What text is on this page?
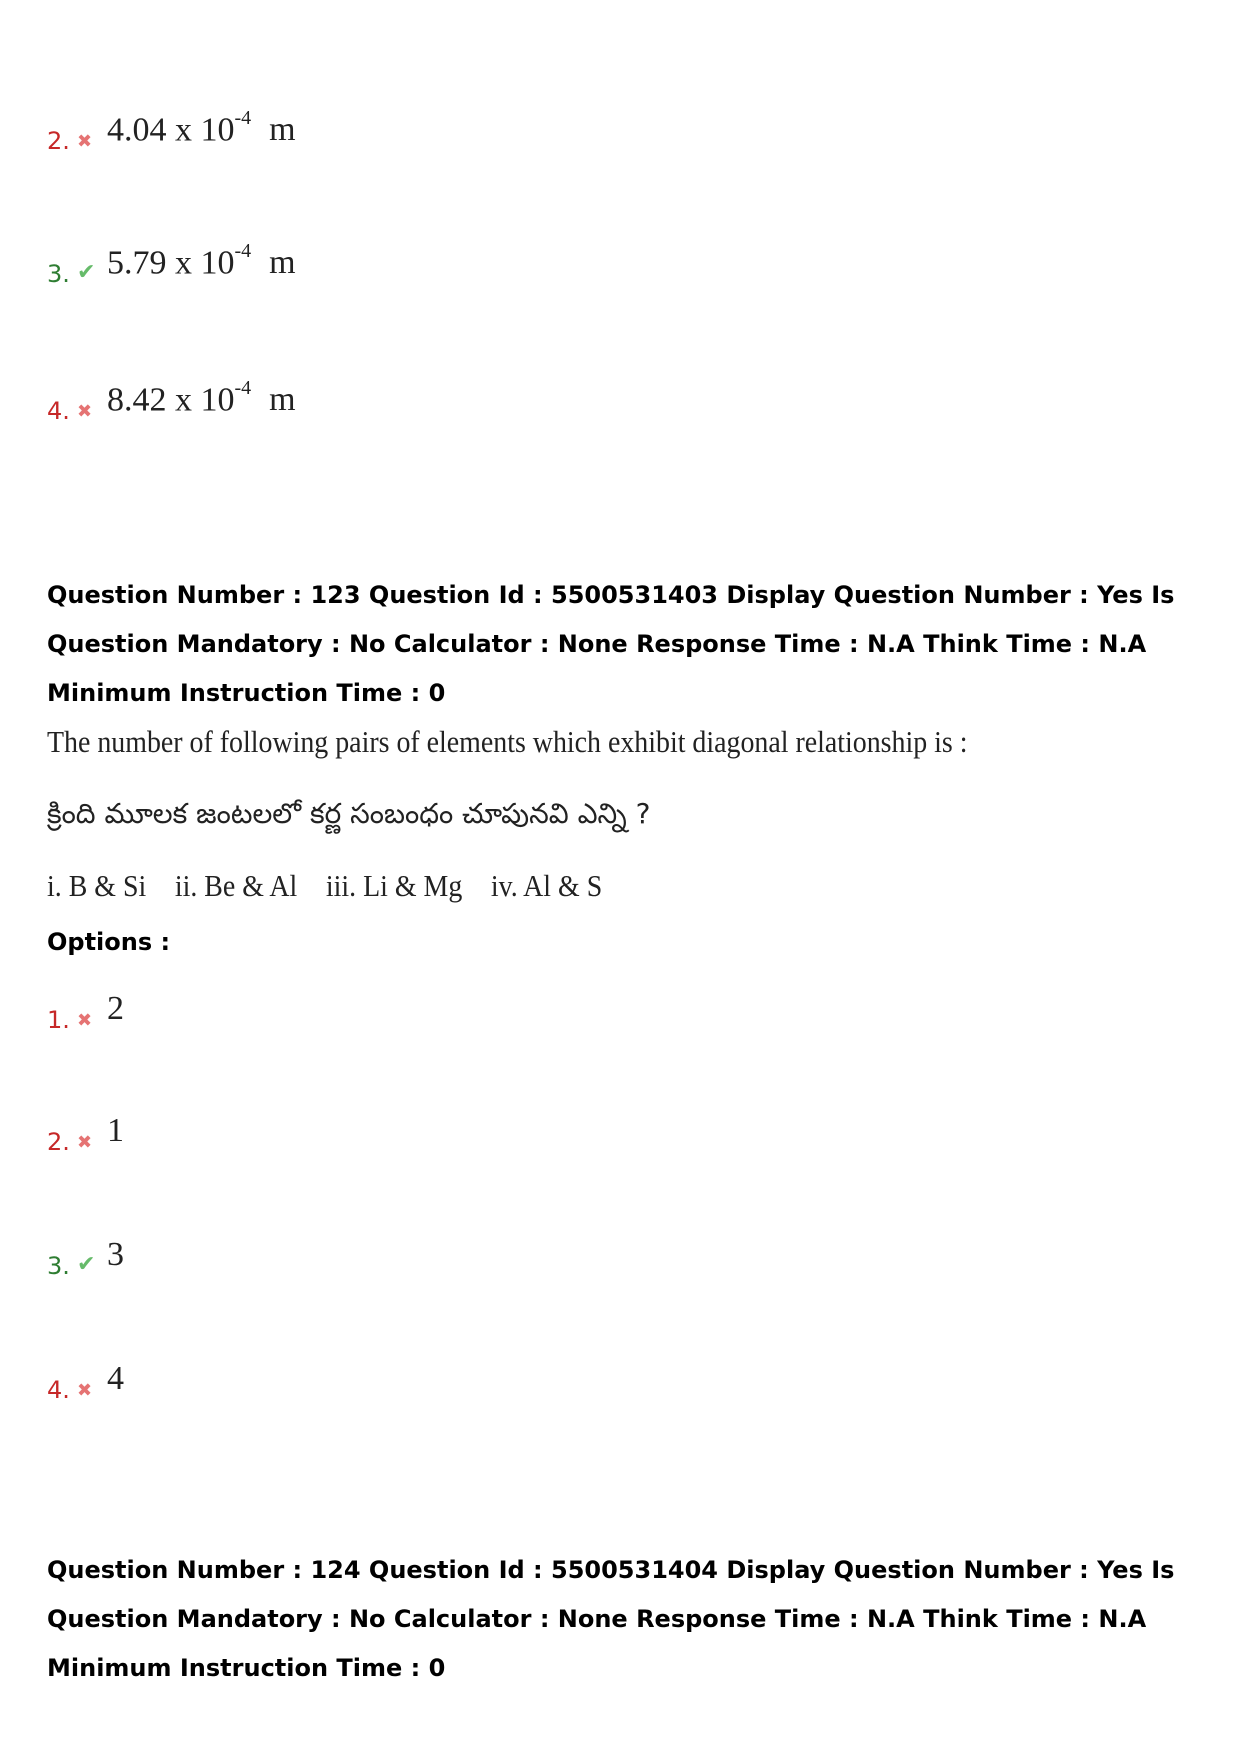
2. ✖ 4.04 x $10^{-4}$ m
3. ✔ 5.79 x $10^{-4}$ m
4. ✖ 8.42 x $10^{-4}$ m
Question Number : 123 Question Id : 5500531403 Display Question Number : Yes Is Question Mandatory : No Calculator : None Response Time : N.A Think Time : N.A Minimum Instruction Time : 0
The number of following pairs of elements which exhibit diagonal relationship is :
క్రింది మూలక జంటలలో కర్ణ సంబంధం చూపునవి ఎన్ని ?
i. B & Si ii. Be & Al iii. Li & Mg iv. Al & S
Options :
1. ✖ 2
2. ✖ 1
3. ✔ 3
4. ✖ 4
Question Number : 124 Question Id : 5500531404 Display Question Number : Yes Is Question Mandatory : No Calculator : None Response Time : N.A Think Time : N.A Minimum Instruction Time : 0
